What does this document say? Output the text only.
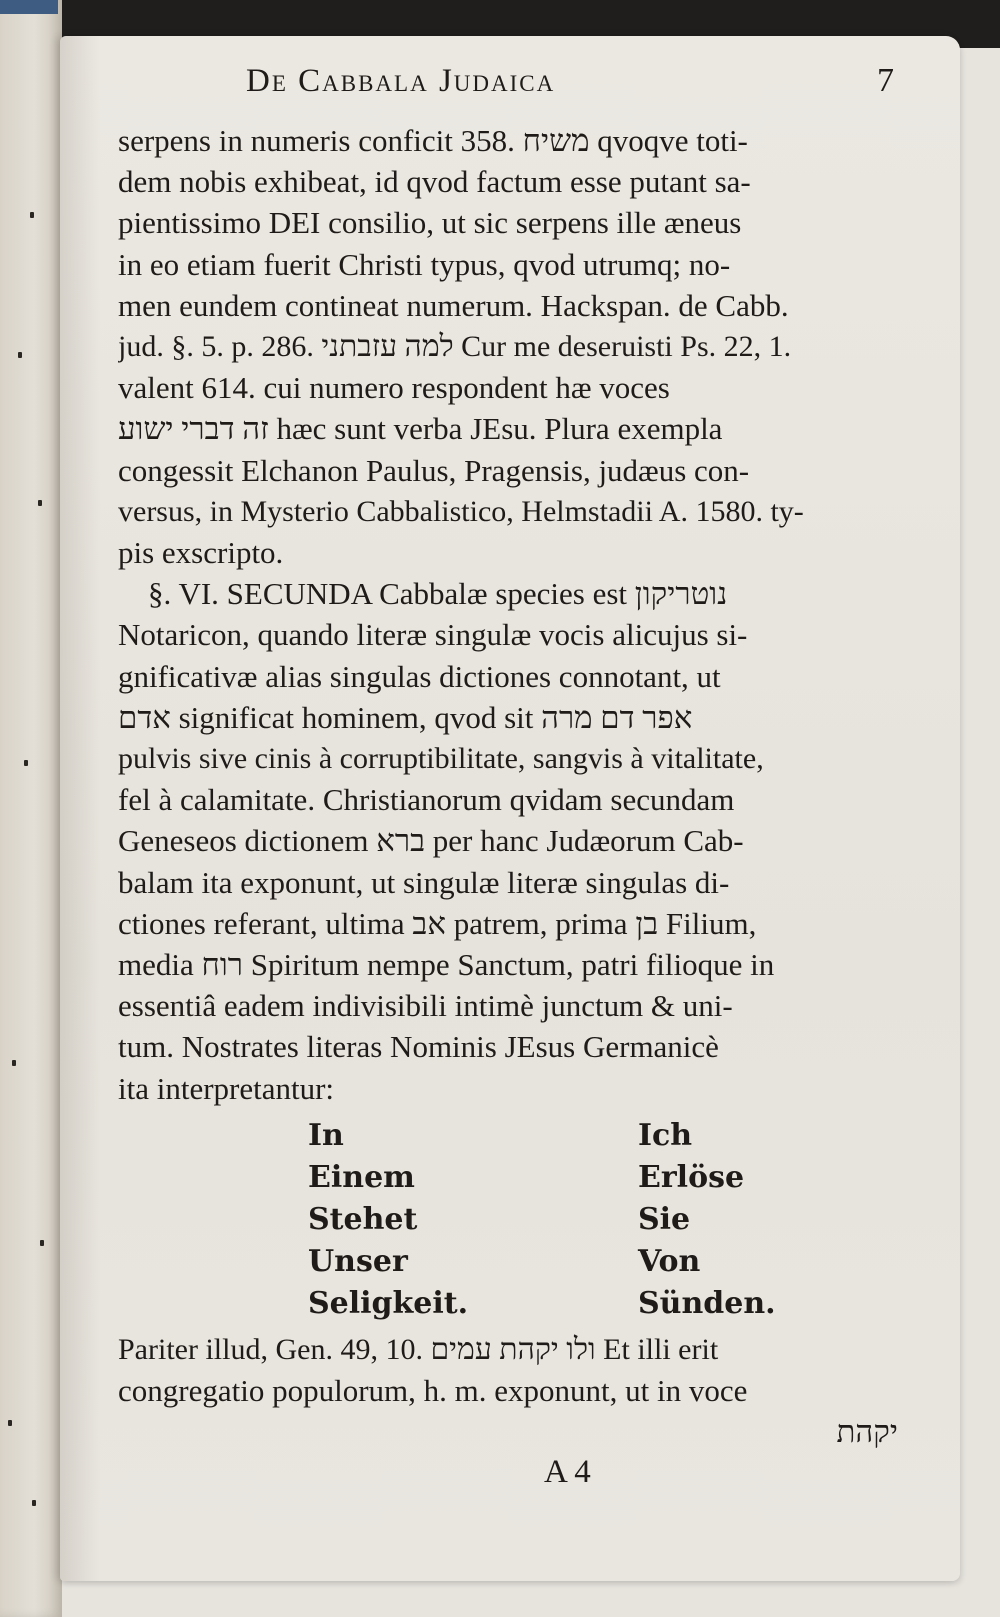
De Cabbala Judaica	7
serpens in numeris conficit 358. משיח qvoqve toti-
dem nobis exhibeat, id qvod factum esse putant sa-
pientissimo DEI consilio, ut sic serpens ille æneus
in eo etiam fuerit Christi typus, qvod utrumq; no-
men eundem contineat numerum. Hackspan. de Cabb.
jud. §. 5. p. 286. למה עזבתני Cur me deseruisti Ps. 22, 1.
valent 614. cui numero respondent hæ voces
זה דברי ישוע hæc sunt verba JEsu. Plura exempla
congessit Elchanon Paulus, Pragensis, judæus con-
versus, in Mysterio Cabbalistico, Helmstadii A. 1580. ty-
pis exscripto.
§. VI. SECUNDA Cabbalæ species est נוטריקון
Notaricon, quando literæ singulæ vocis alicujus si-
gnificativæ alias singulas dictiones connotant, ut
אדם significat hominem, qvod sit אפר דם מרה
pulvis sive cinis à corruptibilitate, sangvis à vitalitate,
fel à calamitate. Christianorum qvidam secundam
Geneseos dictionem ברא per hanc Judæorum Cab-
balam ita exponunt, ut singulæ literæ singulas di-
ctiones referant, ultima אב patrem, prima בן Filium,
media רוח Spiritum nempe Sanctum, patri filioque in
essentiâ eadem indivisibili intimè junctum & uni-
tum. Nostrates literas Nominis JEsus Germanicè
ita interpretantur:
In	Ich
Einem	Erlöse
Stehet	Sie
Unser	Von
Seligkeit.	Sünden.
Pariter illud, Gen. 49, 10. ולו יקהת עמים Et illi erit
congregatio populorum, h. m. exponunt, ut in voce
יקהת
A 4
